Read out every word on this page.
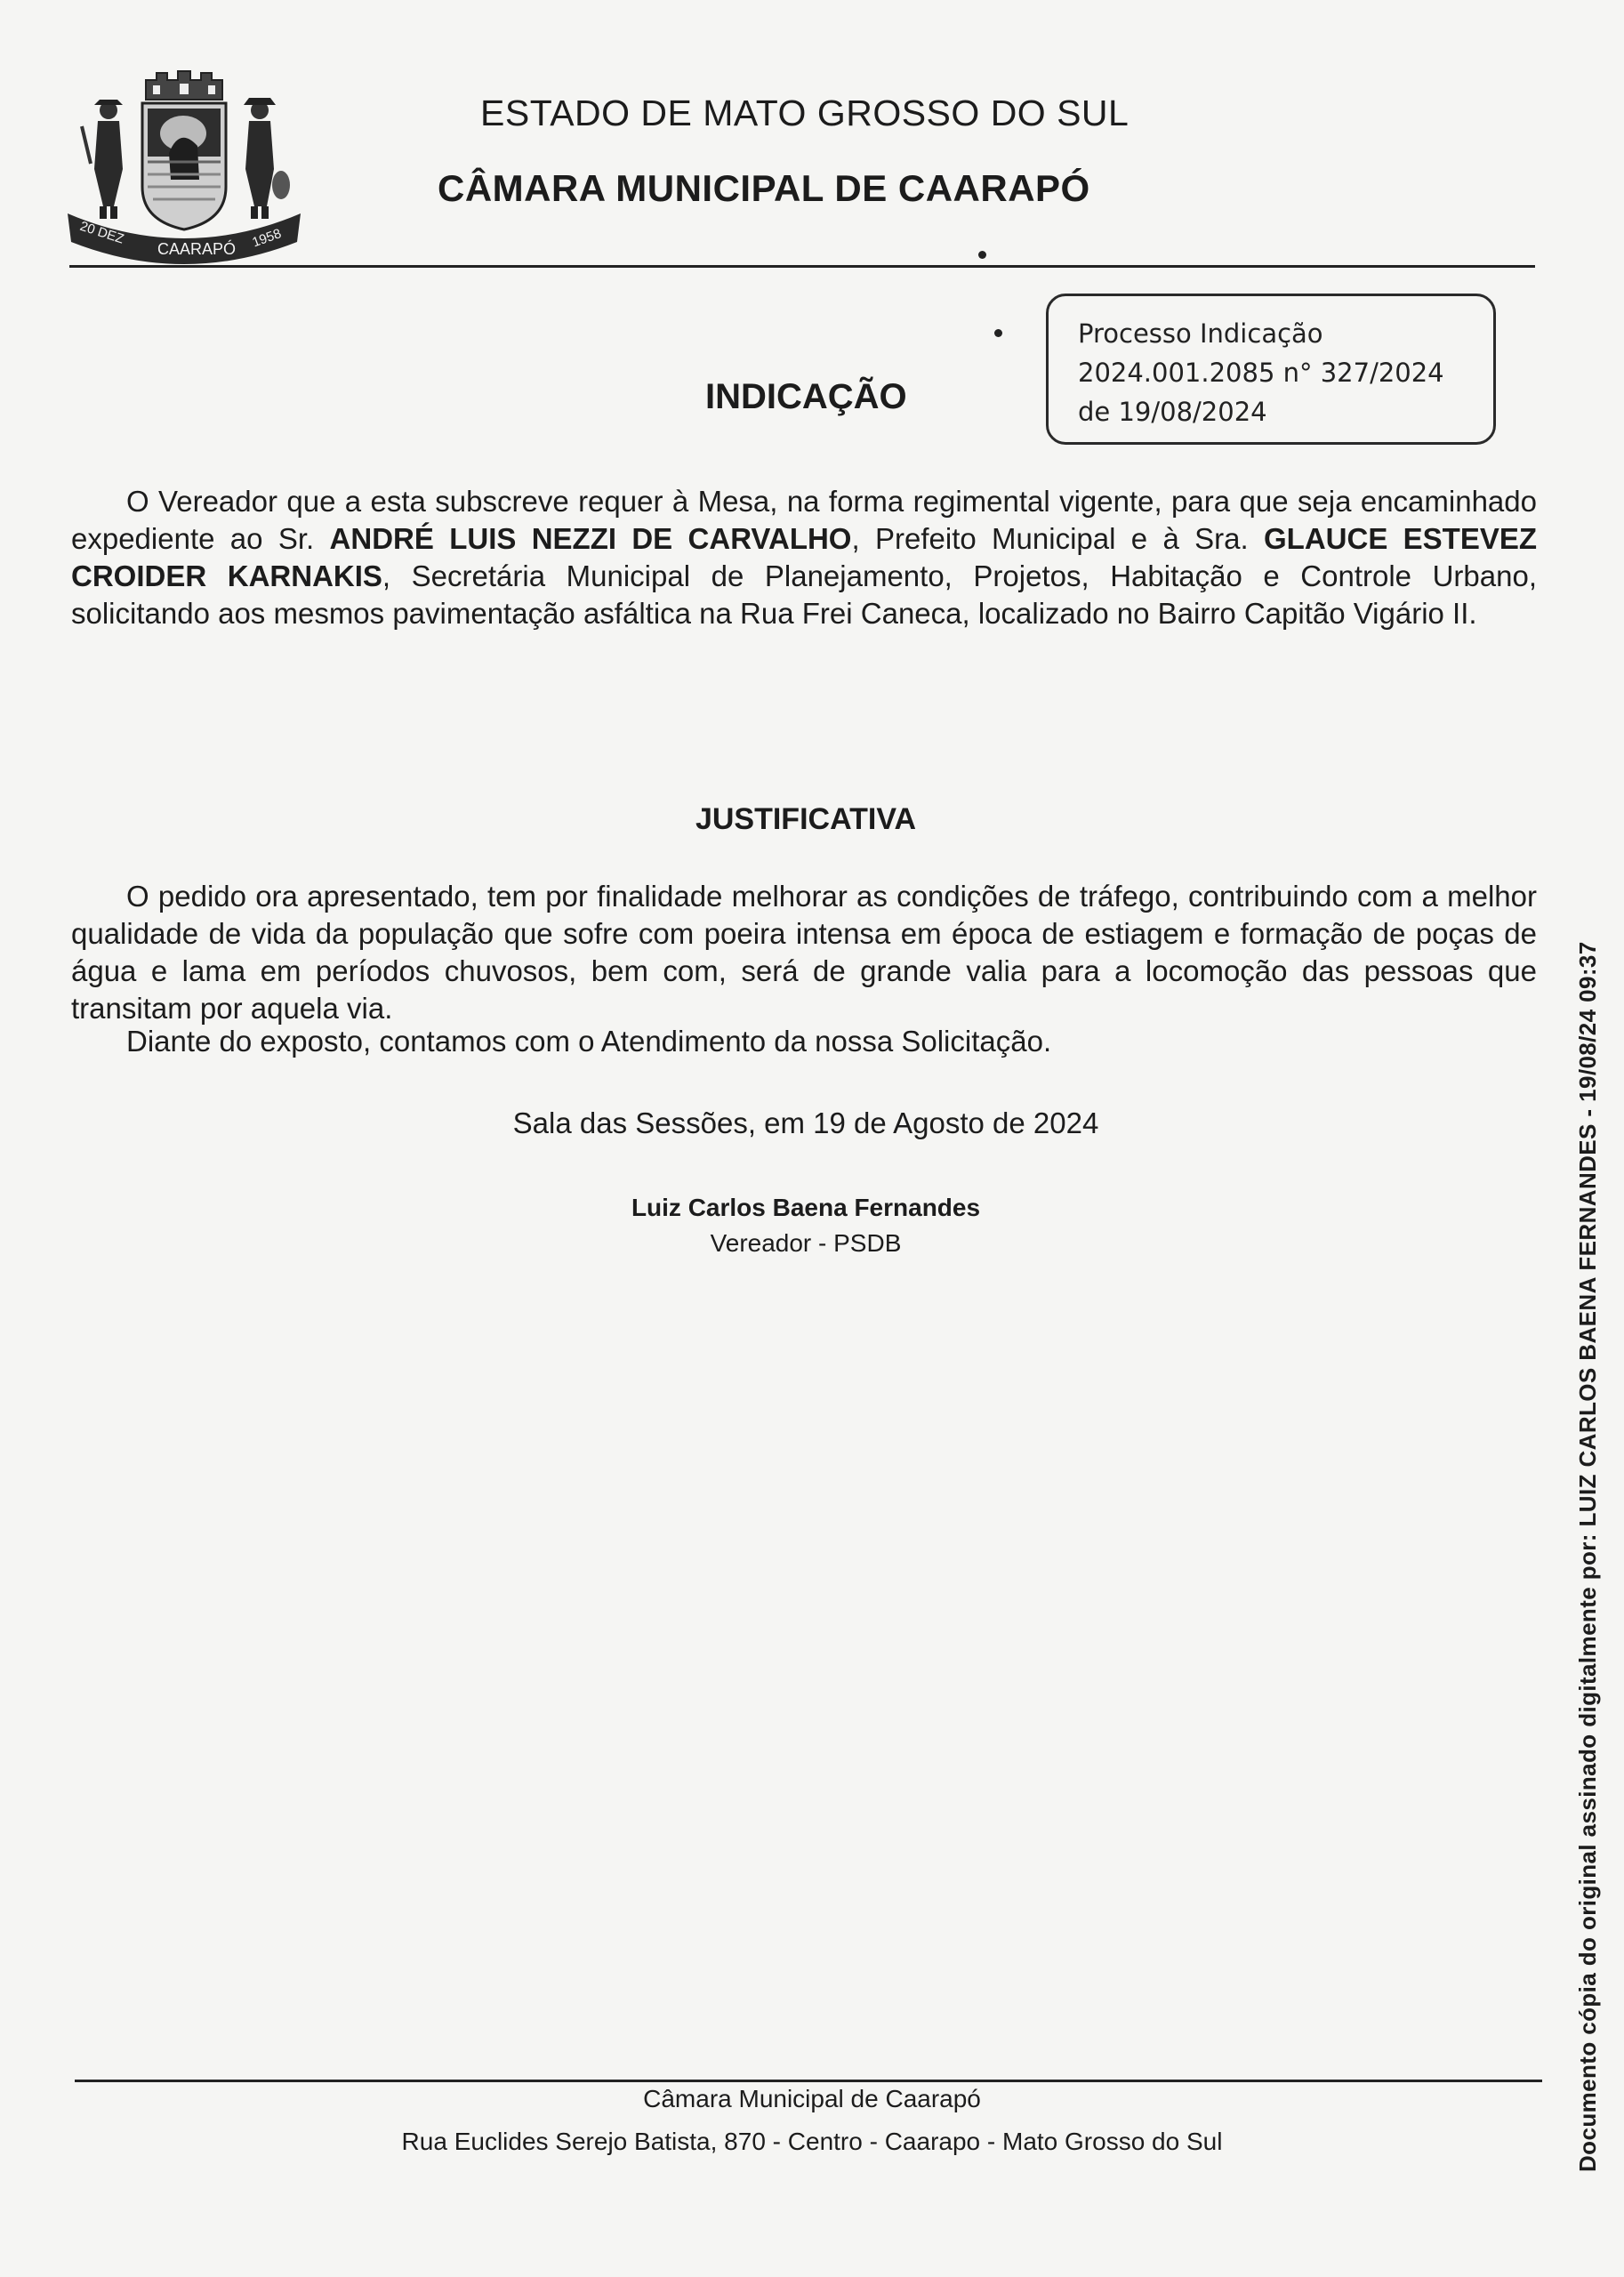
20 DEZ
CAARAPÓ 1958
ESTADO DE MATO GROSSO DO SUL
CÂMARA MUNICIPAL DE CAARAPÓ
Processo Indicação
2024.001.2085 n° 327/2024
de 19/08/2024
INDICAÇÃO
O Vereador que a esta subscreve requer à Mesa, na forma regimental vigente, para que seja encaminhado expediente ao Sr. ANDRÉ LUIS NEZZI DE CARVALHO, Prefeito Municipal e à Sra. GLAUCE ESTEVEZ CROIDER KARNAKIS, Secretária Municipal de Planejamento, Projetos, Habitação e Controle Urbano, solicitando aos mesmos pavimentação asfáltica na Rua Frei Caneca, localizado no Bairro Capitão Vigário II.
JUSTIFICATIVA
O pedido ora apresentado, tem por finalidade melhorar as condições de tráfego, contribuindo com a melhor qualidade de vida da população que sofre com poeira intensa em época de estiagem e formação de poças de água e lama em períodos chuvosos, bem com, será de grande valia para a locomoção das pessoas que transitam por aquela via.
Diante do exposto, contamos com o Atendimento da nossa Solicitação.
Sala das Sessões, em 19 de Agosto de 2024
Luiz Carlos Baena Fernandes
Vereador - PSDB
Câmara Municipal de Caarapó
Rua Euclides Serejo Batista, 870 - Centro - Caarapo - Mato Grosso do Sul	Documento cópia do original assinado digitalmente por: LUIZ CARLOS BAENA FERNANDES - 19/08/24 09:37
